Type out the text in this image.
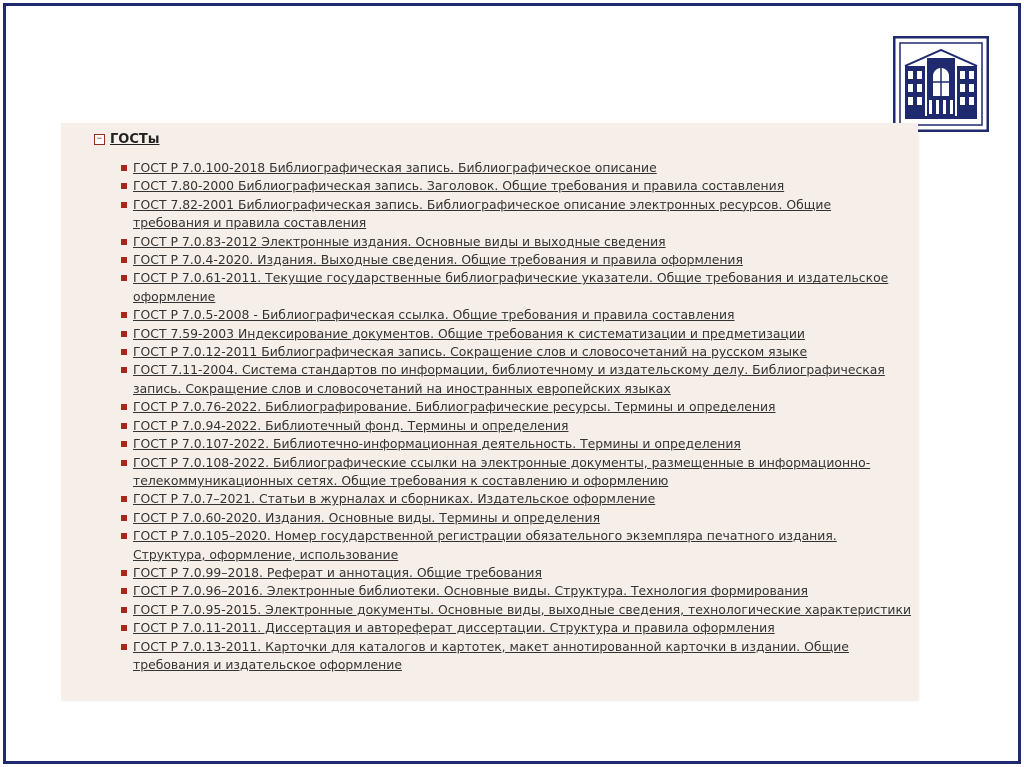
− ГОСТы
ГОСТ Р 7.0.100-2018 Библиографическая запись. Библиографическое описание
ГОСТ 7.80-2000 Библиографическая запись. Заголовок. Общие требования и правила составления
ГОСТ 7.82-2001 Библиографическая запись. Библиографическое описание электронных ресурсов. Общие требования и правила составления
ГОСТ Р 7.0.83-2012 Электронные издания. Основные виды и выходные сведения
ГОСТ Р 7.0.4-2020. Издания. Выходные сведения. Общие требования и правила оформления
ГОСТ Р 7.0.61-2011. Текущие государственные библиографические указатели. Общие требования и издательское оформление
ГОСТ Р 7.0.5-2008 - Библиографическая ссылка. Общие требования и правила составления
ГОСТ 7.59-2003 Индексирование документов. Общие требования к систематизации и предметизации
ГОСТ Р 7.0.12-2011 Библиографическая запись. Сокращение слов и словосочетаний на русском языке
ГОСТ 7.11-2004. Система стандартов по информации, библиотечному и издательскому делу. Библиографическая запись. Сокращение слов и словосочетаний на иностранных европейских языках
ГОСТ Р 7.0.76-2022. Библиографирование. Библиографические ресурсы. Термины и определения
ГОСТ Р 7.0.94-2022. Библиотечный фонд. Термины и определения
ГОСТ Р 7.0.107-2022. Библиотечно-информационная деятельность. Термины и определения
ГОСТ Р 7.0.108-2022. Библиографические ссылки на электронные документы, размещенные в информационно-телекоммуникационных сетях. Общие требования к составлению и оформлению
ГОСТ Р 7.0.7–2021. Статьи в журналах и сборниках. Издательское оформление
ГОСТ Р 7.0.60-2020. Издания. Основные виды. Термины и определения
ГОСТ Р 7.0.105–2020. Номер государственной регистрации обязательного экземпляра печатного издания. Структура, оформление, использование
ГОСТ Р 7.0.99–2018. Реферат и аннотация. Общие требования
ГОСТ Р 7.0.96–2016. Электронные библиотеки. Основные виды. Структура. Технология формирования
ГОСТ Р 7.0.95-2015. Электронные документы. Основные виды, выходные сведения, технологические характеристики
ГОСТ Р 7.0.11-2011. Диссертация и автореферат диссертации. Структура и правила оформления
ГОСТ Р 7.0.13-2011. Карточки для каталогов и картотек, макет аннотированной карточки в издании. Общие требования и издательское оформление
